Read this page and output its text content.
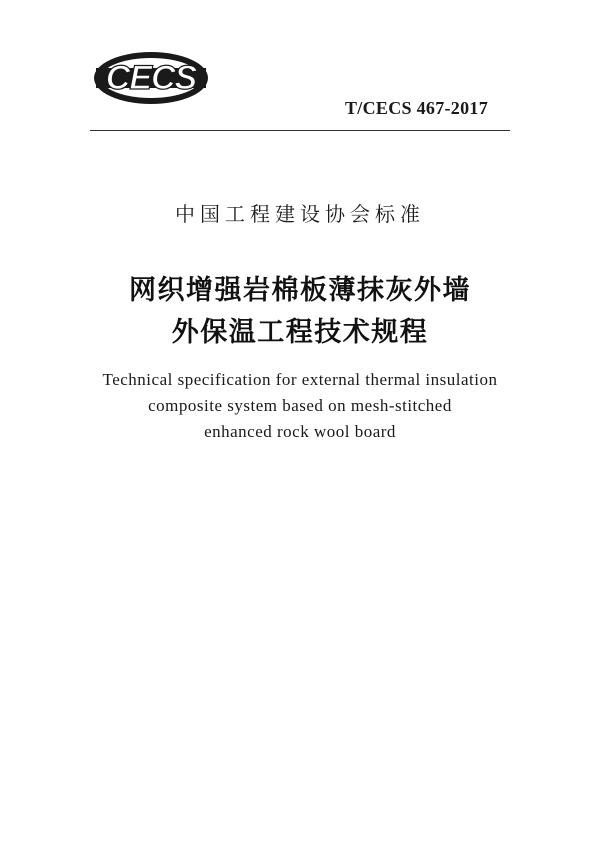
CECS
T/CECS 467-2017
中国工程建设协会标准
网织增强岩棉板薄抹灰外墙
外保温工程技术规程
Technical specification for external thermal insulation
composite system based on mesh-stitched
enhanced rock wool board
